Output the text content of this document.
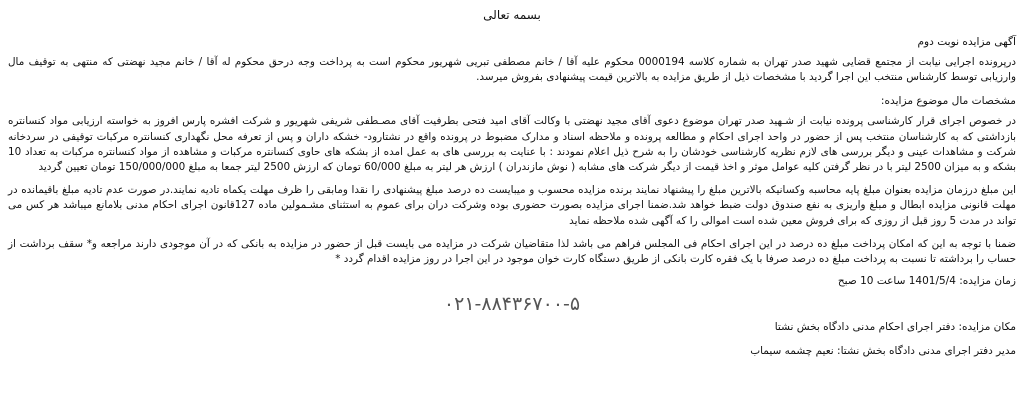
بسمه تعالی
آگهی مزایده نوبت دوم

درپرونده اجرایی نیابت از مجتمع قضایی شهید صدر تهران به شماره کلاسه 0000194 محکوم علیه آقا / خانم مصطفی تبریی شهریور محکوم است به پرداخت وجه درحق محکوم له آقا / خانم مجید نهضتی که منتهی به توقیف مال وارزیابی توسط کارشناس منتخب این اجرا گردید با مشخصات ذیل از طریق مزایده به بالاترین قیمت پیشنهادی بفروش میرسد.

مشخصات مال موضوع مزایده:

در خصوص اجرای قرار کارشناسی پرونده نیابت از شـهید صدر تهران موضوع دعوی آقای مجید نهضتی با وکالت آقای امید فتحی بطرفیت آقای مصـطفی شریفی شهریور و شرکت افشره پارس افروز به خواسته ارزیابی مواد کنسانتره بازداشتی که به کارشناسان منتخب پس از حضور در واحد اجرای احکام و مطالعه پرونده و ملاحظه اسناد و مدارک مضبوط در پرونده واقع در نشتارود- خشکه داران و پس از تعرفه محل نگهداری کنسانتره مرکبات توقیفی در سردخانه شرکت و مشاهدات عینی و دیگر بررسی های لازم نظریه کارشناسی خودشان را به شرح ذیل اعلام نمودند : با عنایت به بررسی های به عمل امده از بشکه های حاوی کنسانتره مرکبات و مشاهده از مواد کنسانتره مرکبات به تعداد 10 بشکه و به میزان 2500 لیتر با در نظر گرفتن کلیه عوامل موثر و اخذ قیمت از دیگر شرکت های مشابه ( نوش مازندران ) ارزش هر لیتر به مبلغ 60/000 تومان که ارزش 2500 لیتر جمعا به مبلغ 150/000/000 تومان تعیین گردید

این مبلغ درزمان مزایده بعنوان مبلغ پایه محاسبه وکسانیکه بالاترین مبلغ را پیشنهاد نمایند برنده مزایده محسوب و میبایست ده درصد مبلغ پیشنهادی را نقدا ومابقی را ظرف مهلت یکماه تادیه نمایند.در صورت عدم تادیه مبلغ باقیمانده در مهلت قانونی مزایده ابطال و مبلغ واریزی به نفع صندوق دولت ضبط خواهد شد.ضمنا اجرای مزایده بصورت حضوری بوده وشرکت دران برای عموم به استثنای مشـمولین ماده 127قانون اجرای احکام مدنی بلامانع میباشد هر کس می تواند در مدت 5 روز قبل از روزی که برای فروش معین شده است اموالی را که آگهی شده ملاحظه نماید

ضمنا با توجه به این که امکان پرداخت مبلغ ده درصد در این اجرای احکام فی المجلس فراهم می باشد لذا متقاضیان شرکت در مزایده می بایست قبل از حضور در مزایده به بانکی که در آن موجودی دارند مراجعه و* سقف برداشت از حساب را برداشته تا نسبت به پرداخت مبلغ ده درصد صرفا با یک فقره کارت بانکی از طریق دستگاه کارت خوان موجود در این اجرا در روز مزایده اقدام گردد *

زمان مزایده: 1401/5/4 ساعت 10 صبح
۰۲۱-۸۸۴۳۶۷۰۰-۵
مکان مزایده: دفتر اجرای احکام مدنی دادگاه بخش نشتا
مدیر دفتر اجرای مدنی دادگاه بخش نشتا: نعیم چشمه سیماب
